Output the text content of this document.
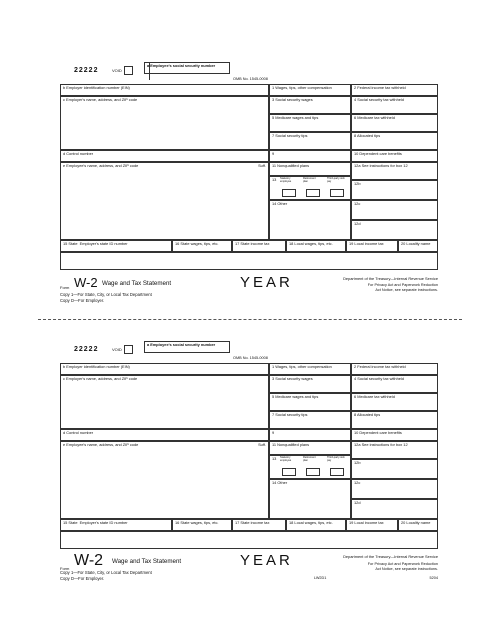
22222	VOID
a Employee's social security number
OMB No. 1545-0008
b Employer identification number (EIN)	1 Wages, tips, other compensation	2 Federal income tax withheld
c Employer's name, address, and ZIP code	3 Social security wages	4 Social security tax withheld
5 Medicare wages and tips	6 Medicare tax withheld
7 Social security tips	8 Allocated tips
d Control number	9	10 Dependent care benefits
e Employee's name, address, and ZIP code	Suff.	11 Nonqualified plans	12a See instructions for box 12
13 Statutory employee
Retirement plan
Third-party sick pay	12b
14 Other	12c
12d
15 State Employer's state ID number	16 State wages, tips, etc.	17 State income tax	18 Local wages, tips, etc.	19 Local income tax	20 Locality name
Form W-2 Wage and Tax Statement	YEAR	Department of the Treasury—Internal Revenue Service
For Privacy Act and Paperwork Reduction
Act Notice, see separate instructions.
Copy 1—For State, City, or Local Tax Department
Copy D—For Employer.
22222	VOID
a Employee's social security number
OMB No. 1545-0008
b Employer identification number (EIN)	1 Wages, tips, other compensation	2 Federal income tax withheld
c Employer's name, address, and ZIP code	3 Social security wages	4 Social security tax withheld
5 Medicare wages and tips	6 Medicare tax withheld
7 Social security tips	8 Allocated tips
d Control number	9	10 Dependent care benefits
e Employee's name, address, and ZIP code	Suff.	11 Nonqualified plans	12a See instructions for box 12
13 Statutory employee
Retirement plan
Third-party sick pay	12b
14 Other	12c
12d
15 State Employer's state ID number	16 State wages, tips, etc.	17 State income tax	18 Local wages, tips, etc.	19 Local income tax	20 Locality name
Form W-2 Wage and Tax Statement	YEAR	Department of the Treasury—Internal Revenue Service
For Privacy Act and Paperwork Reduction
Act Notice, see separate instructions.
Copy 1—For State, City, or Local Tax Department
Copy D—For Employer.	LW2D1	5204
